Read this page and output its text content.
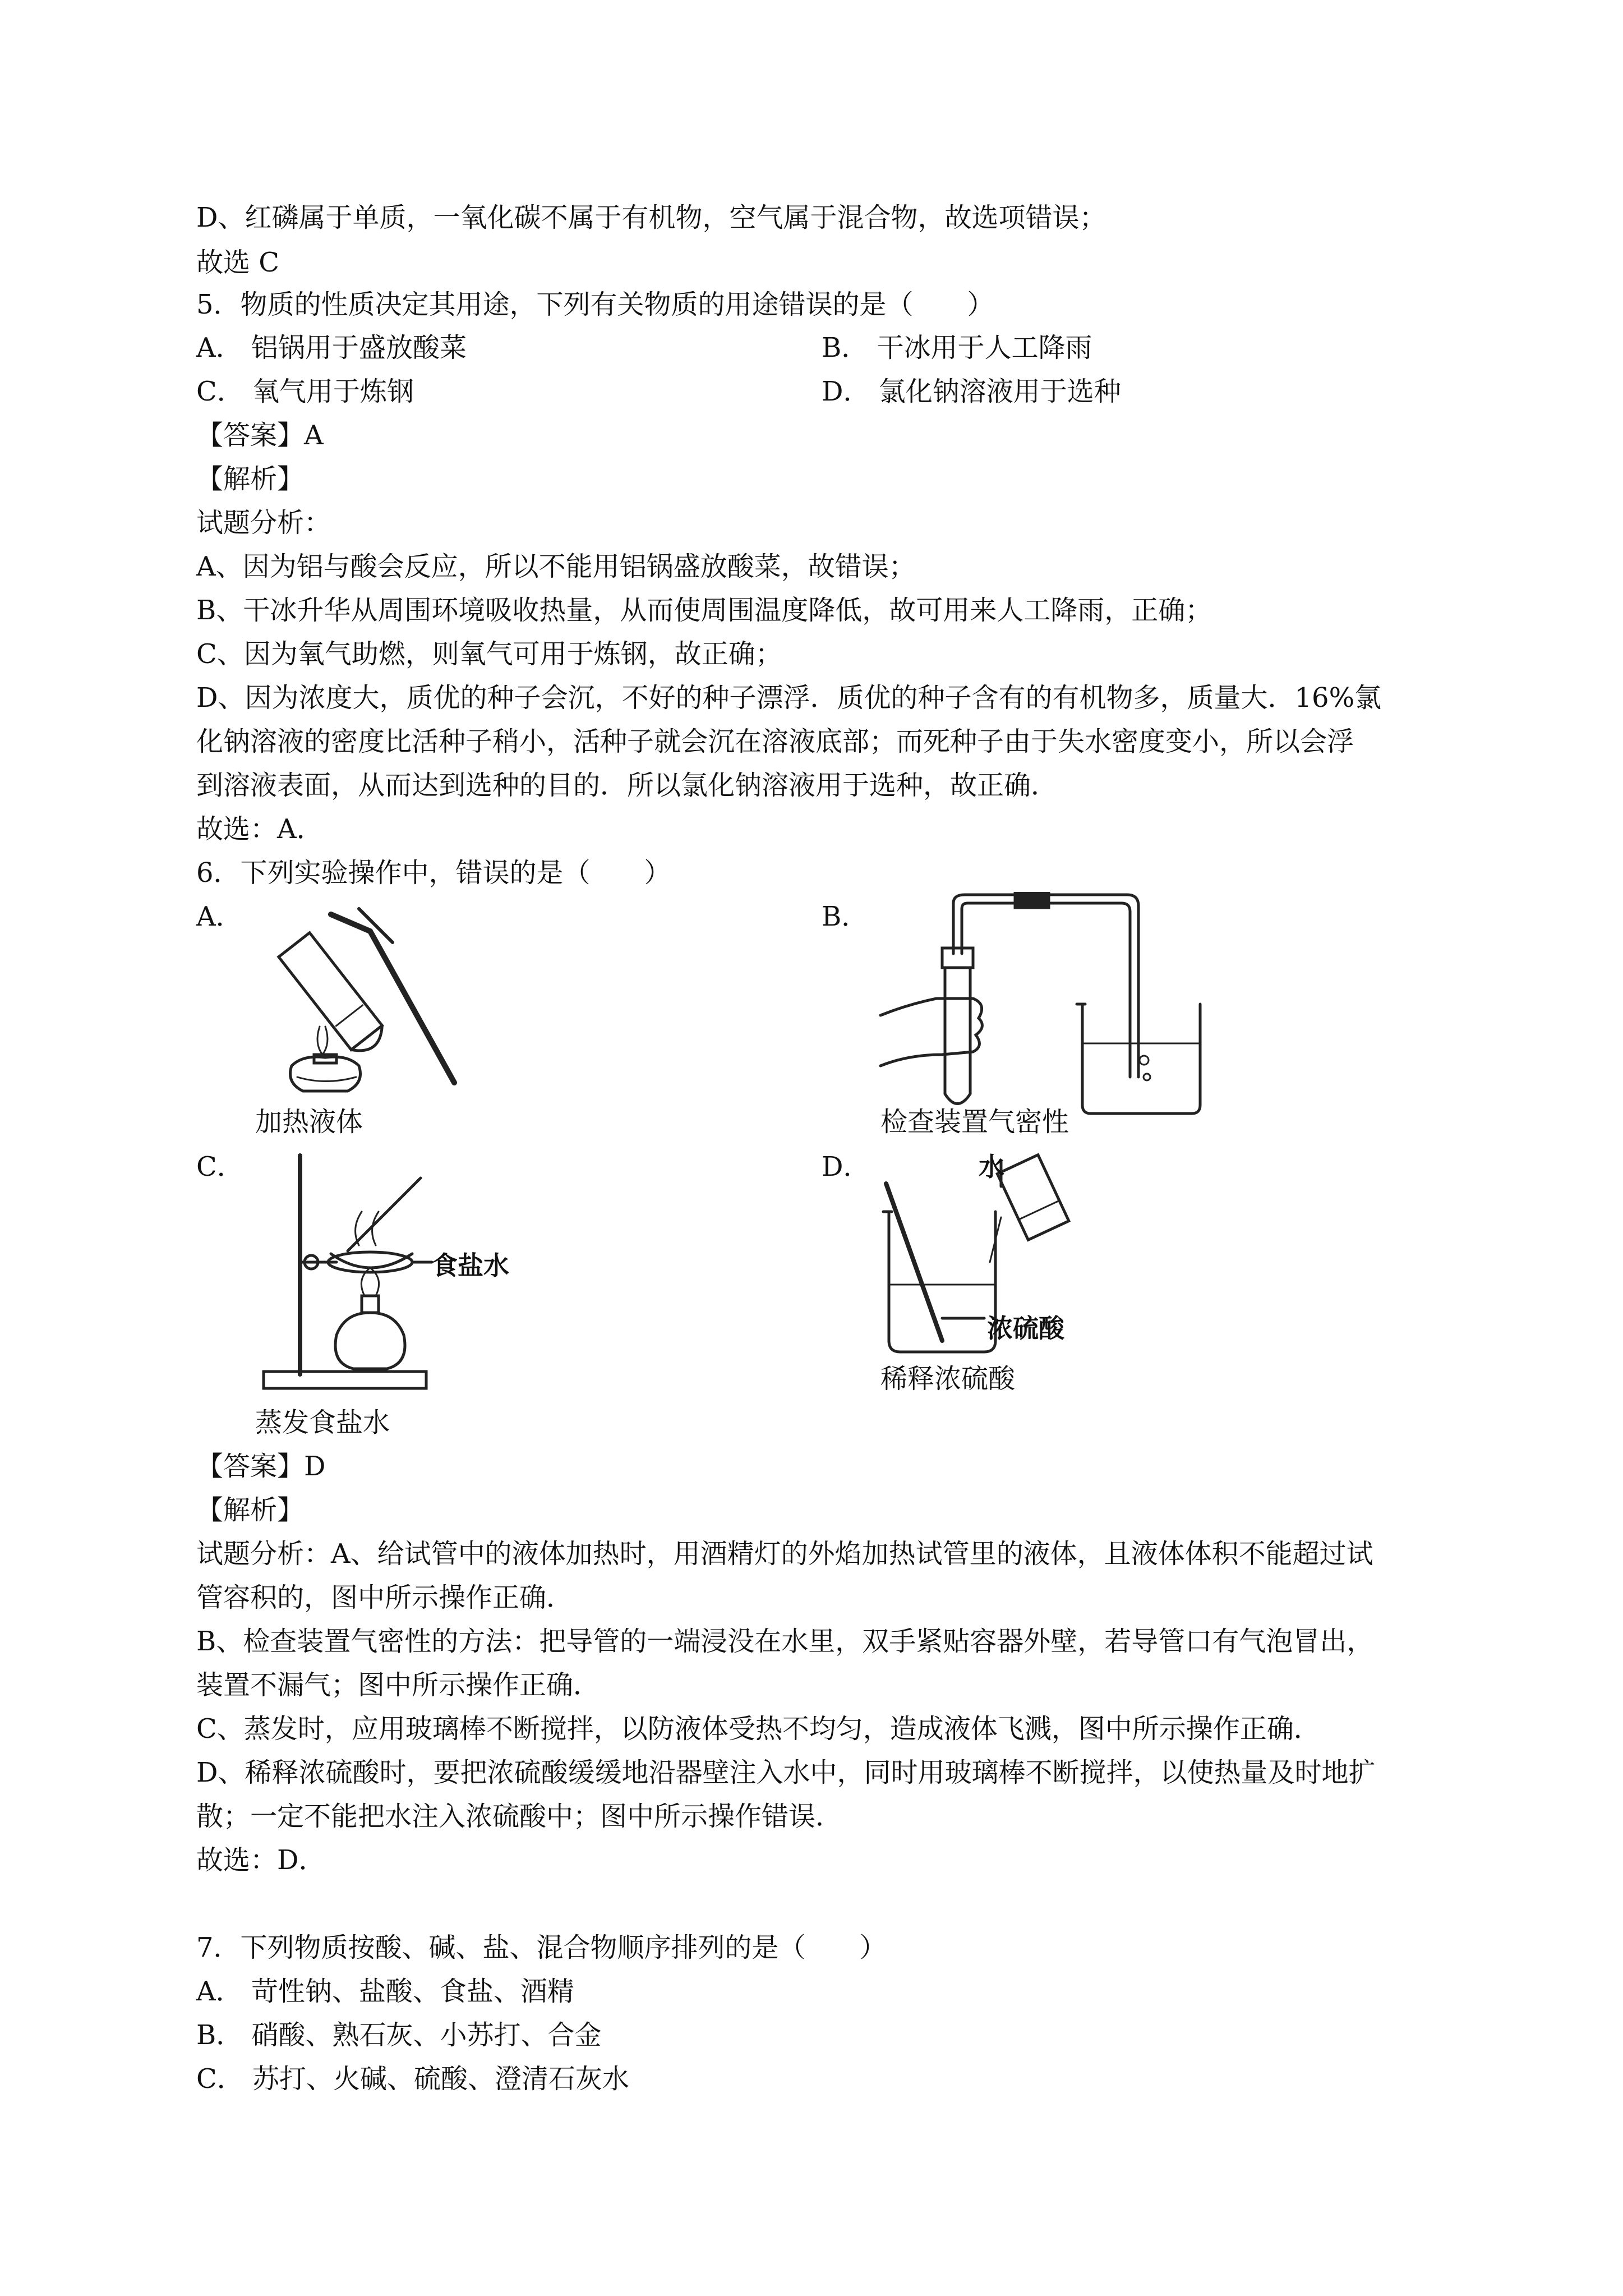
D、红磷属于单质，一氧化碳不属于有机物，空气属于混合物，故选项错误；
故选 C
5．物质的性质决定其用途，下列有关物质的用途错误的是（　　）
A． 铝锅用于盛放酸菜	B． 干冰用于人工降雨
C． 氧气用于炼钢	D． 氯化钠溶液用于选种
【答案】A
【解析】
试题分析：
A、因为铝与酸会反应，所以不能用铝锅盛放酸菜，故错误；
B、干冰升华从周围环境吸收热量，从而使周围温度降低，故可用来人工降雨，正确；
C、因为氧气助燃，则氧气可用于炼钢，故正确；
D、因为浓度大，质优的种子会沉，不好的种子漂浮．质优的种子含有的有机物多，质量大．16%氯
化钠溶液的密度比活种子稍小，活种子就会沉在溶液底部；而死种子由于失水密度变小，所以会浮
到溶液表面，从而达到选种的目的．所以氯化钠溶液用于选种，故正确．
故选：A．
6．下列实验操作中，错误的是（　　）
A．	B．
加热液体	检查装置气密性
C．	D．
食盐水
水
浓硫酸
稀释浓硫酸
蒸发食盐水
【答案】D
【解析】
试题分析：A、给试管中的液体加热时，用酒精灯的外焰加热试管里的液体，且液体体积不能超过试
管容积的，图中所示操作正确．
B、检查装置气密性的方法：把导管的一端浸没在水里，双手紧贴容器外壁，若导管口有气泡冒出，
装置不漏气；图中所示操作正确．
C、蒸发时，应用玻璃棒不断搅拌，以防液体受热不均匀，造成液体飞溅，图中所示操作正确．
D、稀释浓硫酸时，要把浓硫酸缓缓地沿器壁注入水中，同时用玻璃棒不断搅拌，以使热量及时地扩
散；一定不能把水注入浓硫酸中；图中所示操作错误．
故选：D．
7．下列物质按酸、碱、盐、混合物顺序排列的是（　　）
A． 苛性钠、盐酸、食盐、酒精
B． 硝酸、熟石灰、小苏打、合金
C． 苏打、火碱、硫酸、澄清石灰水
